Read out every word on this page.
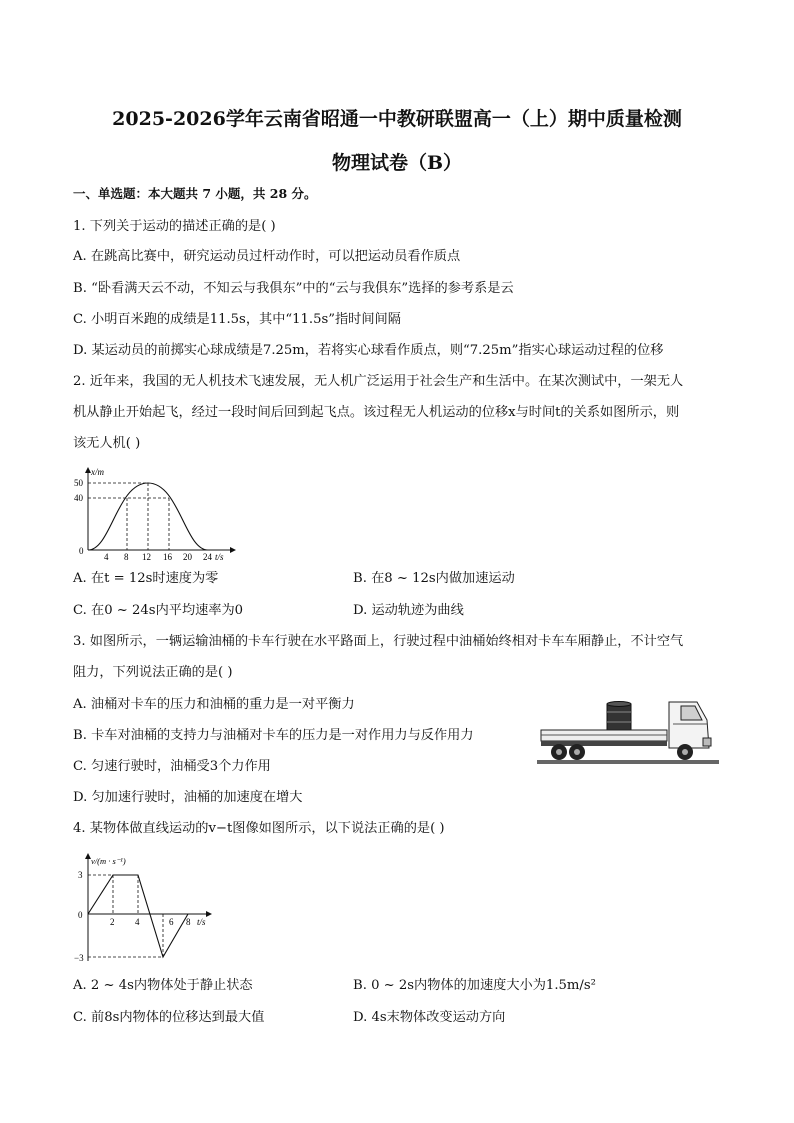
2025-2026学年云南省昭通一中教研联盟高一（上）期中质量检测
物理试卷（B）
一、单选题：本大题共 7 小题，共 28 分。
1. 下列关于运动的描述正确的是( )
A. 在跳高比赛中，研究运动员过杆动作时，可以把运动员看作质点
B. “卧看满天云不动，不知云与我俱东”中的“云与我俱东”选择的参考系是云
C. 小明百米跑的成绩是11.5s，其中“11.5s”指时间间隔
D. 某运动员的前掷实心球成绩是7.25m，若将实心球看作质点，则“7.25m”指实心球运动过程的位移
2. 近年来，我国的无人机技术飞速发展，无人机广泛运用于社会生产和生活中。在某次测试中，一架无人
机从静止开始起飞，经过一段时间后回到起飞点。该过程无人机运动的位移x与时间t的关系如图所示，则
该无人机( )
x/m
50
40
0
4 8 12 16 20 24 t/s
A. 在t = 12s时速度为零	B. 在8 ~ 12s内做加速运动
C. 在0 ~ 24s内平均速率为0	D. 运动轨迹为曲线
3. 如图所示，一辆运输油桶的卡车行驶在水平路面上，行驶过程中油桶始终相对卡车车厢静止，不计空气
阻力，下列说法正确的是( )
A. 油桶对卡车的压力和油桶的重力是一对平衡力
B. 卡车对油桶的支持力与油桶对卡车的压力是一对作用力与反作用力
C. 匀速行驶时，油桶受3个力作用
D. 匀加速行驶时，油桶的加速度在增大
4. 某物体做直线运动的v−t图像如图所示，以下说法正确的是( )
v/(m · s⁻¹)
3
0
−3
2 4	6 8 t/s
A. 2 ~ 4s内物体处于静止状态	B. 0 ~ 2s内物体的加速度大小为1.5m/s²
C. 前8s内物体的位移达到最大值	D. 4s末物体改变运动方向
